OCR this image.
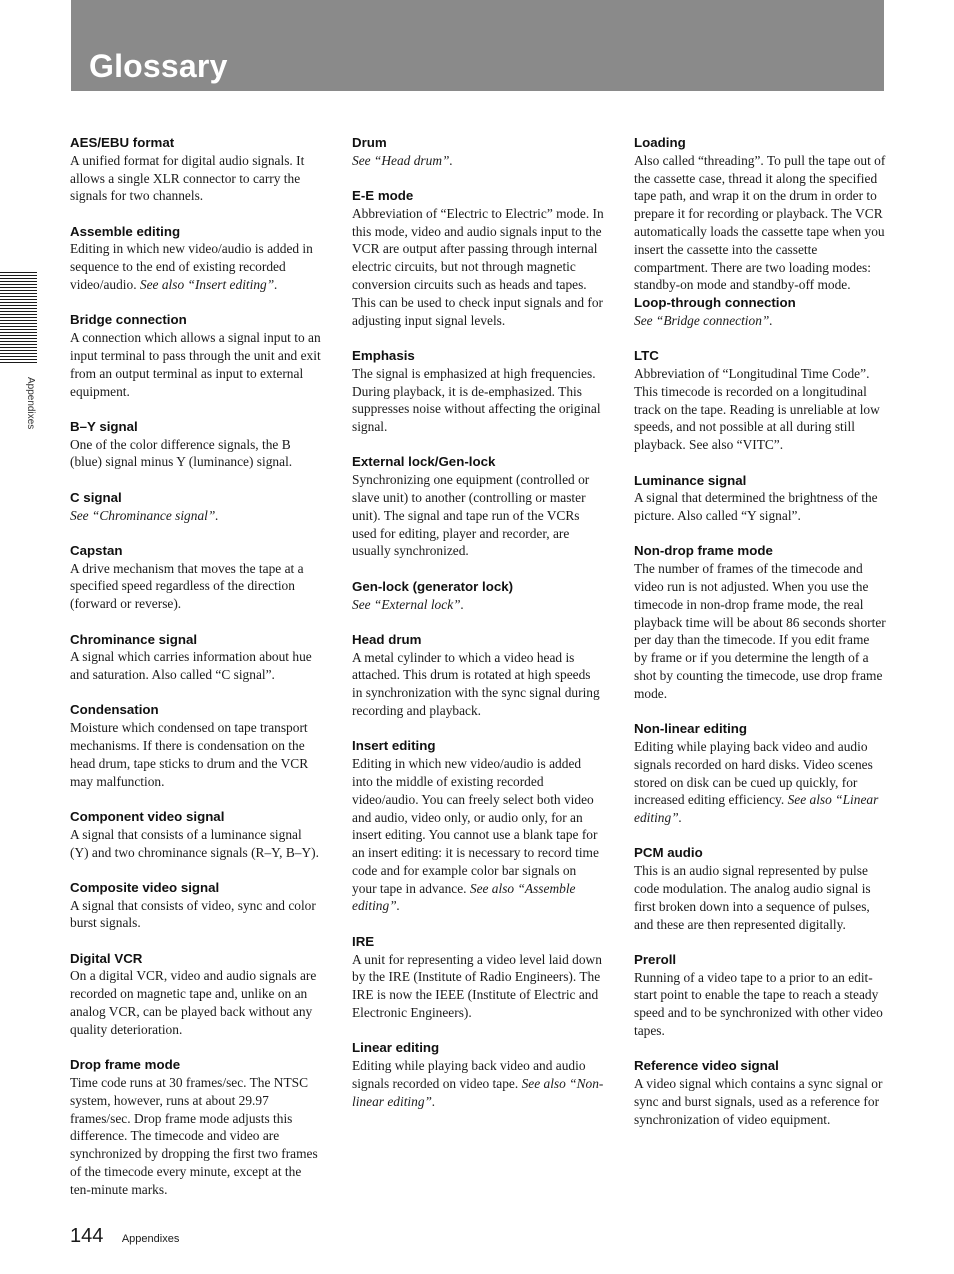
Glossary
Appendixes
AES/EBU format
A unified format for digital audio signals. It allows a single XLR connector to carry the signals for two channels.
Assemble editing
Editing in which new video/audio is added in sequence to the end of existing recorded video/audio. See also “Insert editing”.
Bridge connection
A connection which allows a signal input to an input terminal to pass through the unit and exit from an output terminal as input to external equipment.
B–Y signal
One of the color difference signals, the B (blue) signal minus Y (luminance) signal.
C signal
See “Chrominance signal”.
Capstan
A drive mechanism that moves the tape at a specified speed regardless of the direction (forward or reverse).
Chrominance signal
A signal which carries information about hue and saturation. Also called “C signal”.
Condensation
Moisture which condensed on tape transport mechanisms. If there is condensation on the head drum, tape sticks to drum and the VCR may malfunction.
Component video signal
A signal that consists of a luminance signal (Y) and two chrominance signals (R–Y, B–Y).
Composite video signal
A signal that consists of video, sync and color burst signals.
Digital VCR
On a digital VCR, video and audio signals are recorded on magnetic tape and, unlike on an analog VCR, can be played back without any quality deterioration.
Drop frame mode
Time code runs at 30 frames/sec. The NTSC system, however, runs at about 29.97 frames/sec. Drop frame mode adjusts this difference. The timecode and video are synchronized by dropping the first two frames of the timecode every minute, except at the ten-minute marks.
Drum
See “Head drum”.
E-E mode
Abbreviation of “Electric to Electric” mode. In this mode, video and audio signals input to the VCR are output after passing through internal electric circuits, but not through magnetic conversion circuits such as heads and tapes. This can be used to check input signals and for adjusting input signal levels.
Emphasis
The signal is emphasized at high frequencies. During playback, it is de-emphasized. This suppresses noise without affecting the original signal.
External lock/Gen-lock
Synchronizing one equipment (controlled or slave unit) to another (controlling or master unit). The signal and tape run of the VCRs used for editing, player and recorder, are usually synchronized.
Gen-lock (generator lock)
See “External lock”.
Head drum
A metal cylinder to which a video head is attached. This drum is rotated at high speeds in synchronization with the sync signal during recording and playback.
Insert editing
Editing in which new video/audio is added into the middle of existing recorded video/audio. You can freely select both video and audio, video only, or audio only, for an insert editing. You cannot use a blank tape for an insert editing: it is necessary to record time code and for example color bar signals on your tape in advance. See also “Assemble editing”.
IRE
A unit for representing a video level laid down by the IRE (Institute of Radio Engineers). The IRE is now the IEEE (Institute of Electric and Electronic Engineers).
Linear editing
Editing while playing back video and audio signals recorded on video tape. See also “Non-linear editing”.
Loading
Also called “threading”. To pull the tape out of the cassette case, thread it along the specified tape path, and wrap it on the drum in order to prepare it for recording or playback. The VCR automatically loads the cassette tape when you insert the cassette into the cassette compartment. There are two loading modes: standby-on mode and standby-off mode.
Loop-through connection
See “Bridge connection”.
LTC
Abbreviation of “Longitudinal Time Code”. This timecode is recorded on a longitudinal track on the tape. Reading is unreliable at low speeds, and not possible at all during still playback. See also “VITC”.
Luminance signal
A signal that determined the brightness of the picture. Also called “Y signal”.
Non-drop frame mode
The number of frames of the timecode and video run is not adjusted. When you use the timecode in non-drop frame mode, the real playback time will be about 86 seconds shorter per day than the timecode. If you edit frame by frame or if you determine the length of a shot by counting the timecode, use drop frame mode.
Non-linear editing
Editing while playing back video and audio signals recorded on hard disks. Video scenes stored on disk can be cued up quickly, for increased editing efficiency. See also “Linear editing”.
PCM audio
This is an audio signal represented by pulse code modulation. The analog audio signal is first broken down into a sequence of pulses, and these are then represented digitally.
Preroll
Running of a video tape to a prior to an edit-start point to enable the tape to reach a steady speed and to be synchronized with other video tapes.
Reference video signal
A video signal which contains a sync signal or sync and burst signals, used as a reference for synchronization of video equipment.
144 Appendixes
